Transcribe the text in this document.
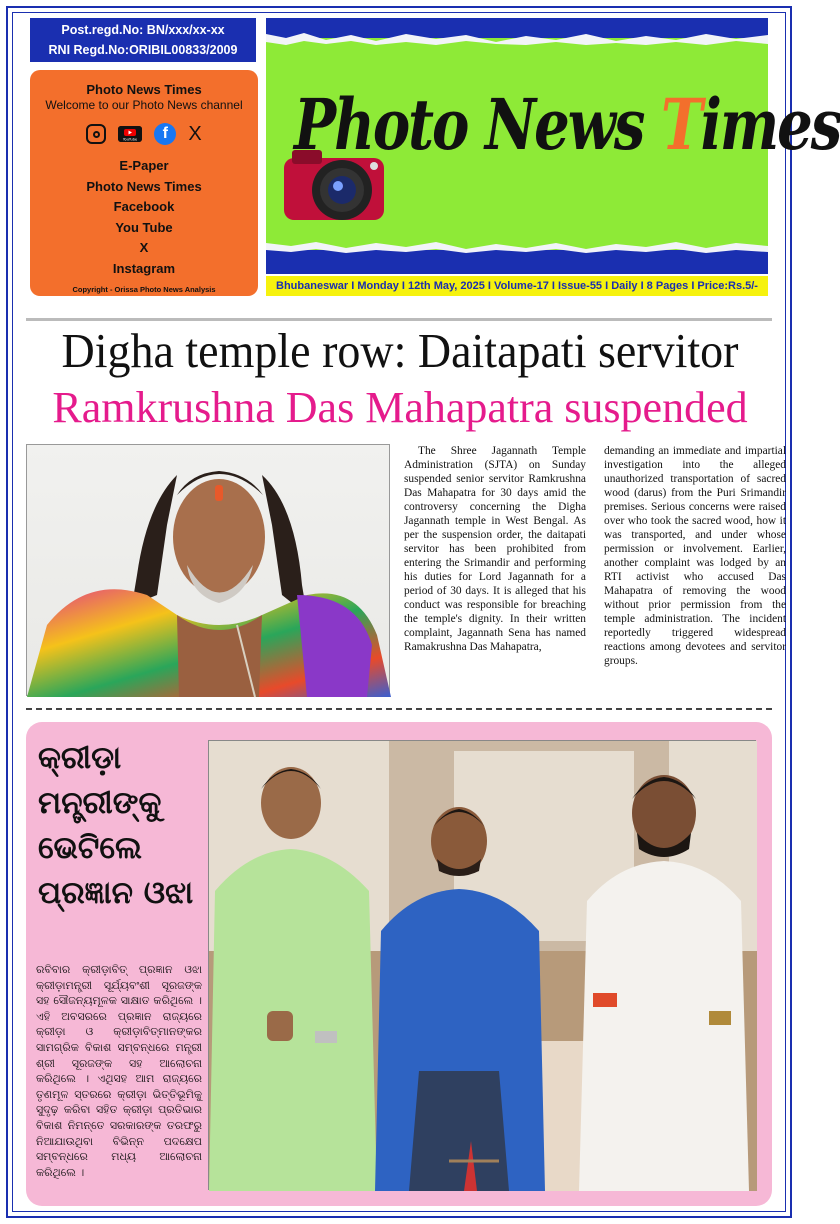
Post.regd.No: BN/xxx/xx-xx
RNI Regd.No:ORIBIL00833/2009
Photo News Times
Welcome to our Photo News channel
YouTube	f	X
E-Paper
Photo News Times
Facebook
You Tube
X
Instagram
Copyright - Orissa Photo News Analysis
Photo News Times
Bhubaneswar I Monday I 12th May, 2025 I Volume-17 I Issue-55 I Daily I 8 Pages I Price:Rs.5/-
Digha temple row: Daitapati servitor
Ramkrushna Das Mahapatra suspended

The Shree Jagannath Temple Administration (SJTA) on Sunday suspended senior servitor Ramkrushna Das Mahapatra for 30 days amid the controversy concerning the Digha Jagannath temple in West Bengal. As per the suspension order, the daitapati servitor has been prohibited from entering the Srimandir and performing his duties for Lord Jagannath for a period of 30 days. It is alleged that his conduct was responsible for breaching the temple's dignity. In their written complaint, Jagannath Sena has named Ramakrushna Das Mahapatra,

demanding an immediate and impartial investigation into the alleged unauthorized transportation of sacred wood (darus) from the Puri Srimandir premises. Serious concerns were raised over who took the sacred wood, how it was transported, and under whose permission or involvement. Earlier, another complaint was lodged by an RTI activist who accused Das Mahapatra of removing the wood without prior permission from the temple administration. The incident reportedly triggered widespread reactions among devotees and servitor groups.

କ୍ରୀଡ଼ା ମନ୍ତ୍ରୀଙ୍କୁ ଭେଟିଲେ ପ୍ରଜ୍ଞାନ ଓଝା
ରବିବାର କ୍ରୀଡ଼ାବିତ୍ ପ୍ରଜ୍ଞାନ ଓଝା କ୍ରୀଡ଼ାମନ୍ତ୍ରୀ ସୂର୍ଯ୍ୟବଂଶୀ ସୂରଜଙ୍କ ସହ ସୌଜନ୍ୟମୂଳକ ସାକ୍ଷାତ କରିଥିଲେ । ଏହି ଅବସରରେ ପ୍ରଜ୍ଞାନ ରାଜ୍ୟରେ କ୍ରୀଡ଼ା ଓ କ୍ରୀଡ଼ାବିତ୍‌ମାନଙ୍କର ସାମଗ୍ରିକ ବିକାଶ ସମ୍ବନ୍ଧରେ ମନ୍ତ୍ରୀ ଶ୍ରୀ ସୂରଜଙ୍କ ସହ ଆଲୋଚନା କରିଥିଲେ । ଏଥିସହ ଆମ ରାଜ୍ୟରେ ତୃଣମୂଳ ସ୍ତରରେ କ୍ରୀଡ଼ା ଭିତ୍ତିଭୂମିକୁ ସୁଦୃଢ଼ କରିବା ସହିତ କ୍ରୀଡ଼ା ପ୍ରତିଭାର ବିକାଶ ନିମନ୍ତେ ସରକାରଙ୍କ ତରଫରୁ ନିଆଯାଉଥିବା ବିଭିନ୍ନ ପଦକ୍ଷେପ ସମ୍ବନ୍ଧରେ ମଧ୍ୟ ଆଲୋଚନା କରିଥିଲେ ।
